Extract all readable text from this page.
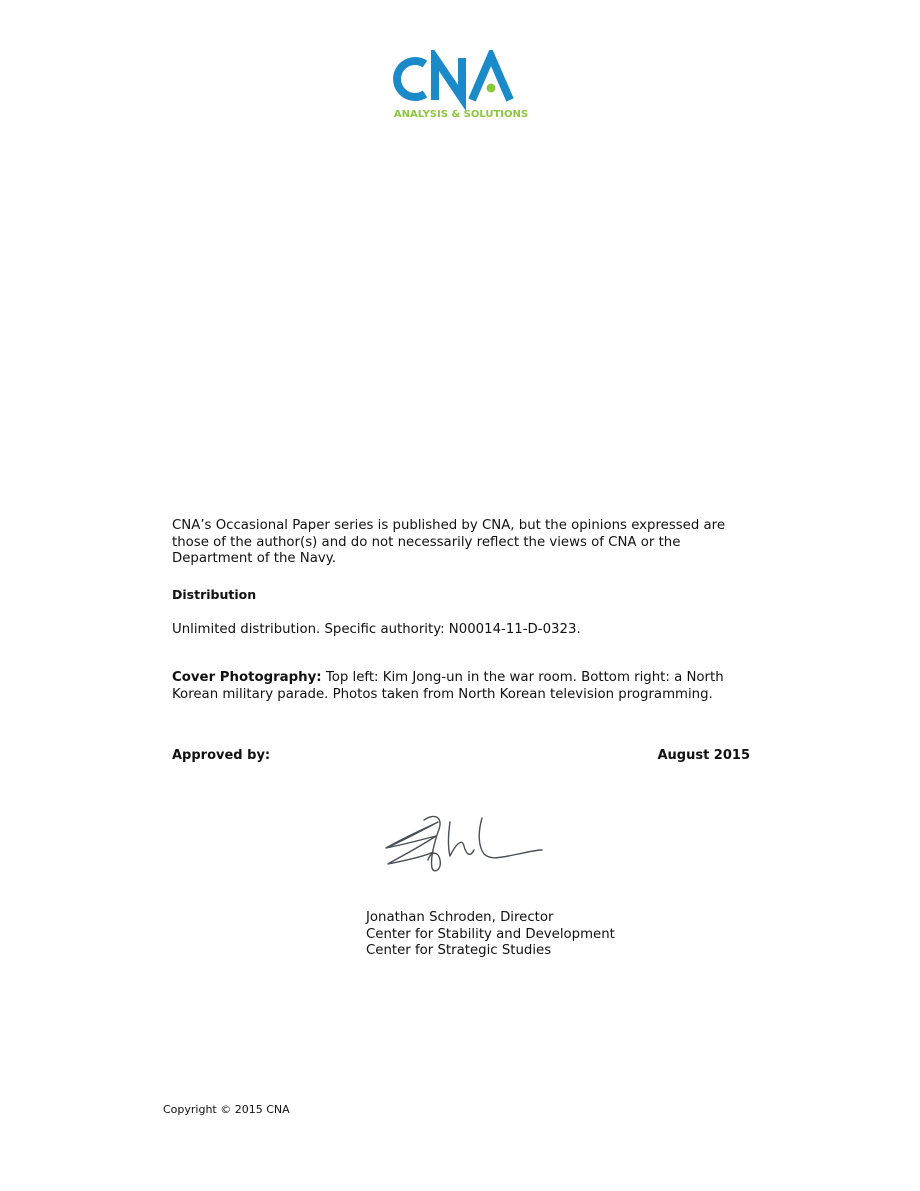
ANALYSIS & SOLUTIONS
CNA’s Occasional Paper series is published by CNA, but the opinions expressed are those of the author(s) and do not necessarily reflect the views of CNA or the Department of the Navy.
Distribution
Unlimited distribution. Specific authority: N00014-11-D-0323.
Cover Photography: Top left: Kim Jong-un in the war room. Bottom right: a North Korean military parade. Photos taken from North Korean television programming.
Approved by:	August 2015
Jonathan Schroden, Director
Center for Stability and Development
Center for Strategic Studies
Copyright © 2015 CNA
